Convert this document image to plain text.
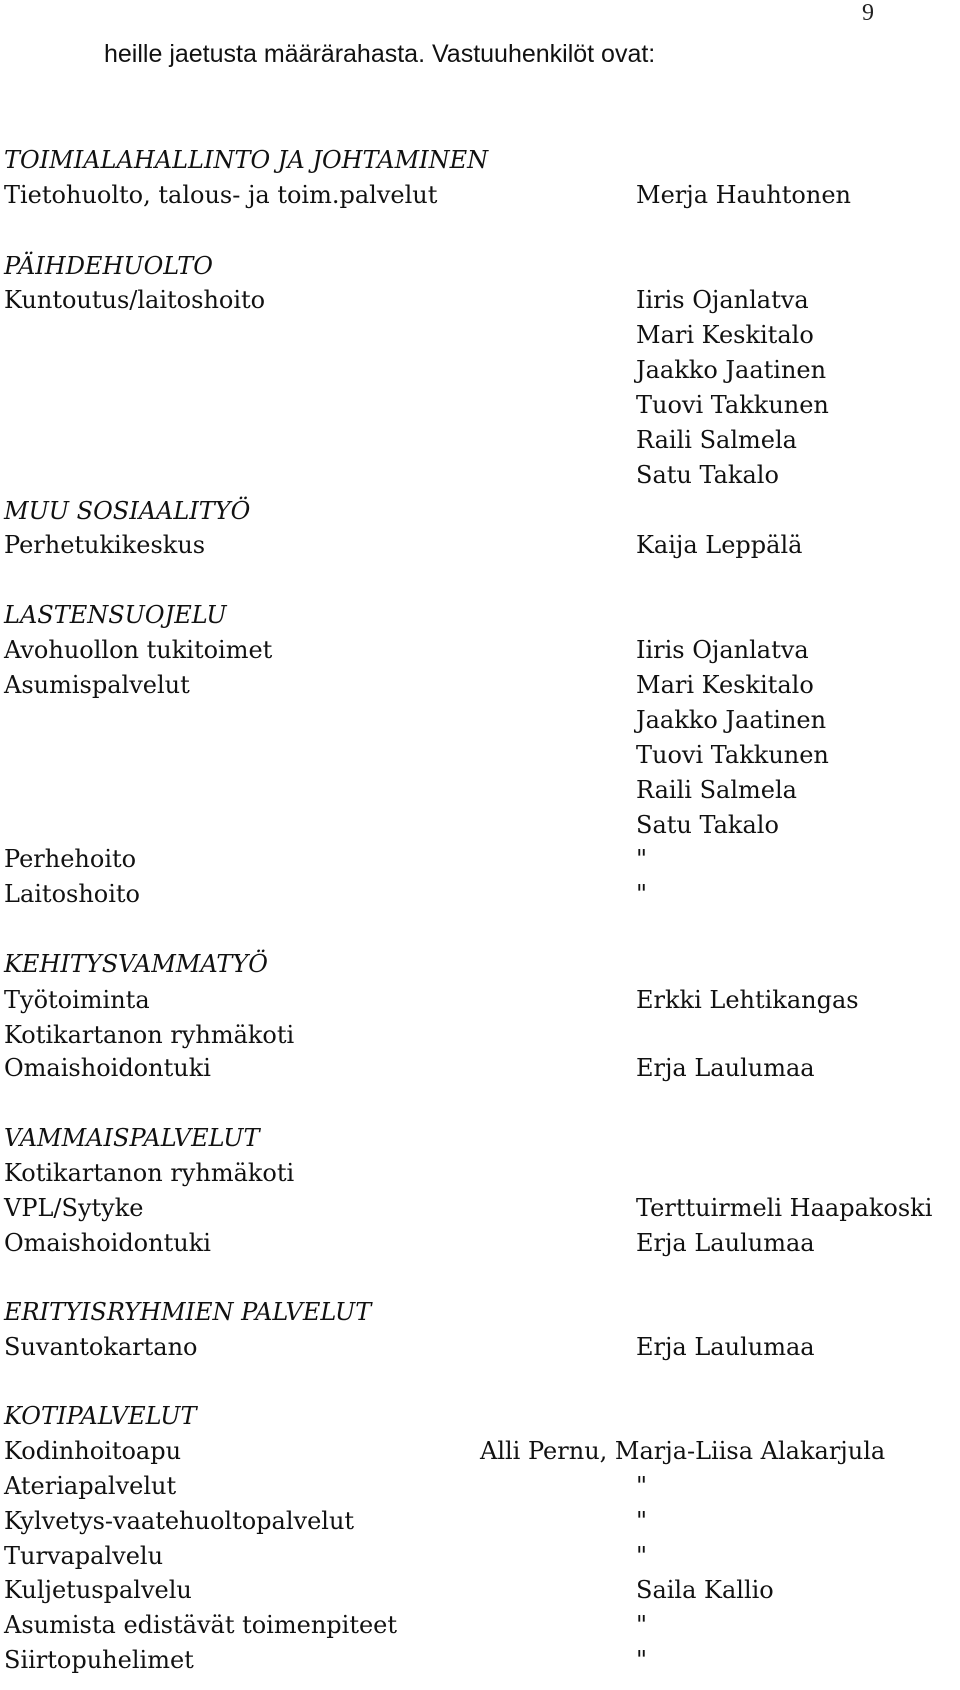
9
heille jaetusta määrärahasta. Vastuuhenkilöt ovat:
TOIMIALAHALLINTO JA JOHTAMINEN
Tietohuolto, talous- ja toim.palvelut
PÄIHDEHUOLTO
Kuntoutus/laitoshoito
MUU SOSIAALITYÖ
Perhetukikeskus
LASTENSUOJELU
Avohuollon tukitoimet
Asumispalvelut
Perhehoito
Laitoshoito
KEHITYSVAMMATYÖ
Työtoiminta
Kotikartanon ryhmäkoti
Omaishoidontuki
VAMMAISPALVELUT
Kotikartanon ryhmäkoti
VPL/Sytyke
Omaishoidontuki
ERITYISRYHMIEN PALVELUT
Suvantokartano
KOTIPALVELUT
Kodinhoitoapu
Ateriapalvelut
Kylvetys-vaatehuoltopalvelut
Turvapalvelu
Kuljetuspalvelu
Asumista edistävät toimenpiteet
Siirtopuhelimet
Merja Hauhtonen
Iiris Ojanlatva
Mari Keskitalo
Jaakko Jaatinen
Tuovi Takkunen
Raili Salmela
Satu Takalo
Kaija Leppälä
Iiris Ojanlatva
Mari Keskitalo
Jaakko Jaatinen
Tuovi Takkunen
Raili Salmela
Satu Takalo
"
"
Erkki Lehtikangas
Erja Laulumaa
Terttuirmeli Haapakoski
Erja Laulumaa
Erja Laulumaa
Alli Pernu, Marja-Liisa Alakarjula
"
"
"
Saila Kallio
"
"
